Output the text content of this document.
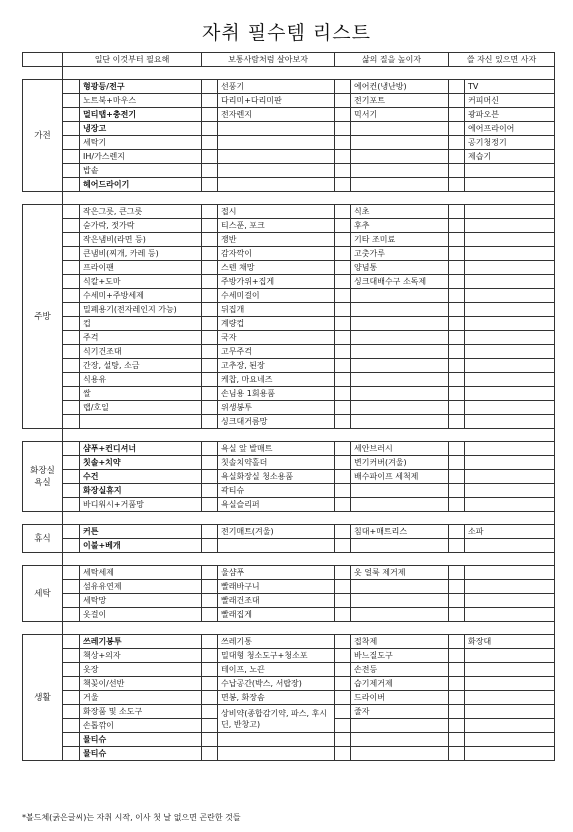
자취 필수템 리스트
	일단 이것부터 필요해		보통사람처럼 살아보자		삶의 질을 높이자		쓸 자신 있으면 사자	

가전		형광등/전구		선풍기		에어컨(냉난방)		TV
		노트북+마우스		다리미+다리미판		전기포트		커피머신
		멀티탭+충전기		전자렌지		믹서기		광파오븐
		냉장고						에어프라이어
		세탁기						공기청정기
		IH/가스렌지						제습기
		밥솥						
		헤어드라이기						

주방		작은그릇, 큰그릇		접시		식초		
		숟가락, 젓가락		티스푼, 포크		후추		
		작은냄비(라면 등)		쟁반		기타 조미료		
		큰냄비(찌개, 카레 등)		감자깍이		고춧가루		
		프라이팬		스텐 채망		양념통		
		식칼+도마		주방가위+집게		싱크대배수구 소독제		
		수세미+주방세제		수세미걸이				
		밀폐용기(전자레인지 가능)		뒤집개				
		컵		계량컵				
		주걱		국자				
		식기건조대		고무주걱				
		간장, 설탕, 소금		고추장, 된장				
		식용유		케찹, 마요네즈				
		쌀		손님용 1회용품				
		랩/호일		위생봉투				
				싱크대거름망				

화장실
욕실		샴푸+컨디셔너		욕실 앞 발매트		세안브러시		
		칫솔+치약		칫솔치약홀더		변기커버(겨울)		
		수건		욕실화장실 청소용품		배수파이프 세척제		
		화장실휴지		곽티슈				
		바디워시+거품망		욕실슬리퍼				

휴식		커튼		전기매트(겨울)		침대+매트리스		소파
		이불+베개						

세탁		세탁세제		울샴푸		옷 얼룩 제거제		
		섬유유연제		빨래바구니				
		세탁망		빨래건조대				
		옷걸이		빨래집게				

생활		쓰레기봉투		쓰레기통		접착제		화장대
		책상+의자		밀대형 청소도구+청소포		바느질도구		
		옷장		테이프, 노끈		손전등		
		책꽂이/선반		수납공간(박스, 서랍장)		습기제거제		
		거울		면봉, 화장솜		드라이버		
		화장품 및 소도구		상비약(종합감기약, 파스, 후시딘, 반창고)		줄자		
		손톱깎이						
		물티슈						
		물티슈						
*볼드체(굵은글씨)는 자취 시작, 이사 첫 날 없으면 곤란한 것들
